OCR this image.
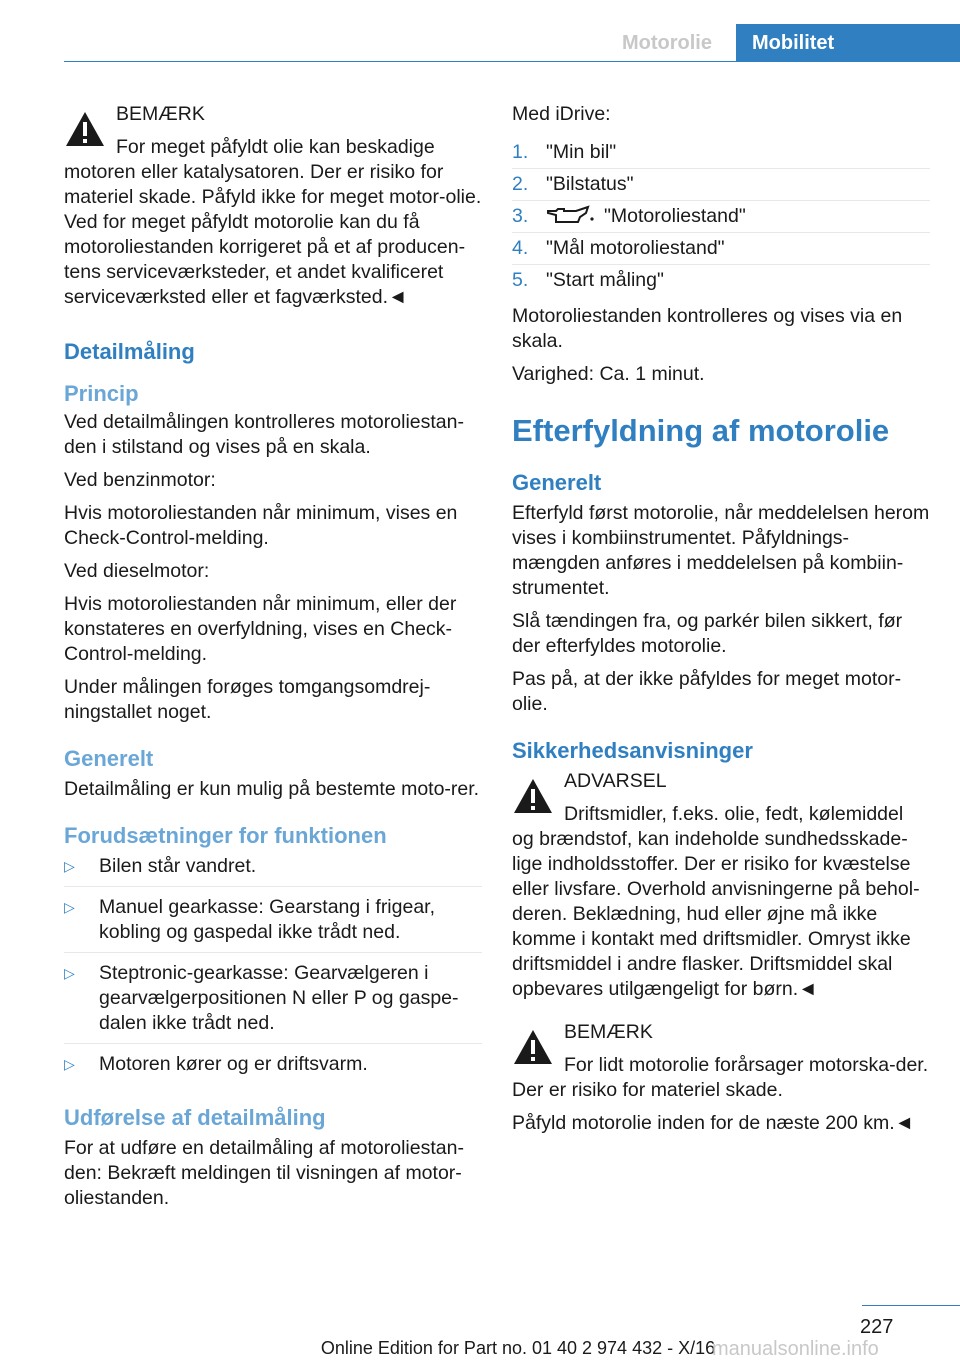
Motorolie	Mobilitet
BEMÆRK

For meget påfyldt olie kan beskadige motoren eller katalysatoren. Der er risiko for materiel skade. Påfyld ikke for meget motor-olie. Ved for meget påfyldt motorolie kan du få motoroliestanden korrigeret på et af producen-tens serviceværksteder, et andet kvalificeret serviceværksted eller et fagværksted.◄

Detailmåling
Princip

Ved detailmålingen kontrolleres motoroliestan-den i stilstand og vises på en skala.

Ved benzinmotor:

Hvis motoroliestanden når minimum, vises en Check-Control-melding.

Ved dieselmotor:

Hvis motoroliestanden når minimum, eller der konstateres en overfyldning, vises en Check-Control-melding.

Under målingen forøges tomgangsomdrej-ningstallet noget.

Generelt

Detailmåling er kun mulig på bestemte moto-rer.

Forudsætninger for funktionen
▷ Bilen står vandret.
▷ Manuel gearkasse: Gearstang i frigear, kobling og gaspedal ikke trådt ned.
▷ Steptronic-gearkasse: Gearvælgeren i gearvælgerpositionen N eller P og gaspe-dalen ikke trådt ned.
▷ Motoren kører og er driftsvarm.
Udførelse af detailmåling

For at udføre en detailmåling af motoroliestan-den: Bekræft meldingen til visningen af motor-oliestanden.

Med iDrive:

1. "Min bil"
2. "Bilstatus"
3.	"Motoroliestand"
4. "Mål motoroliestand"
5. "Start måling"

Motoroliestanden kontrolleres og vises via en skala.

Varighed: Ca. 1 minut.

Efterfyldning af motorolie
Generelt

Efterfyld først motorolie, når meddelelsen herom vises i kombiinstrumentet. Påfyldnings-mængden anføres i meddelelsen på kombiin-strumentet.

Slå tændingen fra, og parkér bilen sikkert, før der efterfyldes motorolie.

Pas på, at der ikke påfyldes for meget motor-olie.

Sikkerhedsanvisninger
ADVARSEL

Driftsmidler, f.eks. olie, fedt, kølemiddel og brændstof, kan indeholde sundhedsskade-lige indholdsstoffer. Der er risiko for kvæstelse eller livsfare. Overhold anvisningerne på behol-deren. Beklædning, hud eller øjne må ikke komme i kontakt med driftsmidler. Omryst ikke driftsmiddel i andre flasker. Driftsmiddel skal opbevares utilgængeligt for børn.◄

BEMÆRK

For lidt motorolie forårsager motorska-der. Der er risiko for materiel skade.

Påfyld motorolie inden for de næste 200 km.◄

227
Online Edition for Part no. 01 40 2 974 432 - X/16
manualsonline.info
